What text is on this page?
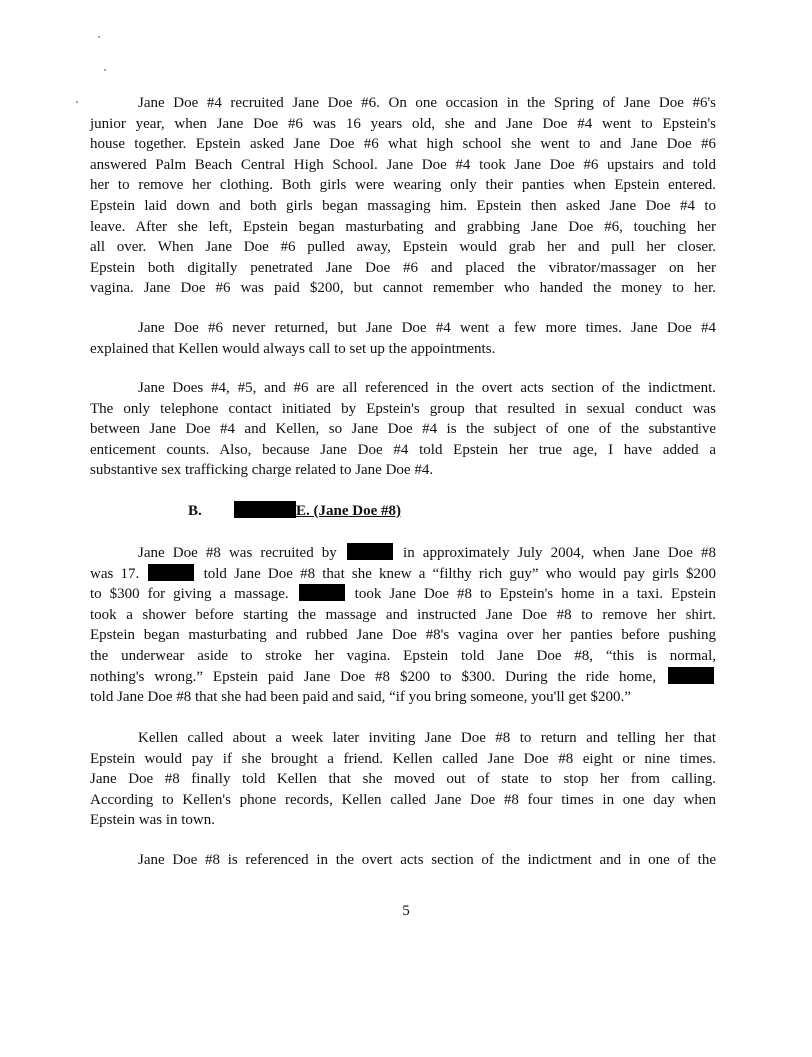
Jane Doe #4 recruited Jane Doe #6. On one occasion in the Spring of Jane Doe #6's
junior year, when Jane Doe #6 was 16 years old, she and Jane Doe #4 went to Epstein's
house together. Epstein asked Jane Doe #6 what high school she went to and Jane Doe #6
answered Palm Beach Central High School. Jane Doe #4 took Jane Doe #6 upstairs and told
her to remove her clothing. Both girls were wearing only their panties when Epstein entered.
Epstein laid down and both girls began massaging him. Epstein then asked Jane Doe #4 to
leave. After she left, Epstein began masturbating and grabbing Jane Doe #6, touching her
all over. When Jane Doe #6 pulled away, Epstein would grab her and pull her closer.
Epstein both digitally penetrated Jane Doe #6 and placed the vibrator/massager on her
vagina. Jane Doe #6 was paid $200, but cannot remember who handed the money to her.
Jane Doe #6 never returned, but Jane Doe #4 went a few more times. Jane Doe #4
explained that Kellen would always call to set up the appointments.
Jane Does #4, #5, and #6 are all referenced in the overt acts section of the indictment.
The only telephone contact initiated by Epstein's group that resulted in sexual conduct was
between Jane Doe #4 and Kellen, so Jane Doe #4 is the subject of one of the substantive
enticement counts. Also, because Jane Doe #4 told Epstein her true age, I have added a
substantive sex trafficking charge related to Jane Doe #4.
B.	E. (Jane Doe #8)
Jane Doe #8 was recruited by	in approximately July 2004, when Jane Doe #8
was 17.	told Jane Doe #8 that she knew a “filthy rich guy” who would pay girls $200
to $300 for giving a massage.	took Jane Doe #8 to Epstein's home in a taxi. Epstein
took a shower before starting the massage and instructed Jane Doe #8 to remove her shirt.
Epstein began masturbating and rubbed Jane Doe #8's vagina over her panties before pushing
the underwear aside to stroke her vagina. Epstein told Jane Doe #8, “this is normal,
nothing's wrong.” Epstein paid Jane Doe #8 $200 to $300. During the ride home,
told Jane Doe #8 that she had been paid and said, “if you bring someone, you'll get $200.”
Kellen called about a week later inviting Jane Doe #8 to return and telling her that
Epstein would pay if she brought a friend. Kellen called Jane Doe #8 eight or nine times.
Jane Doe #8 finally told Kellen that she moved out of state to stop her from calling.
According to Kellen's phone records, Kellen called Jane Doe #8 four times in one day when
Epstein was in town.
Jane Doe #8 is referenced in the overt acts section of the indictment and in one of the
5
